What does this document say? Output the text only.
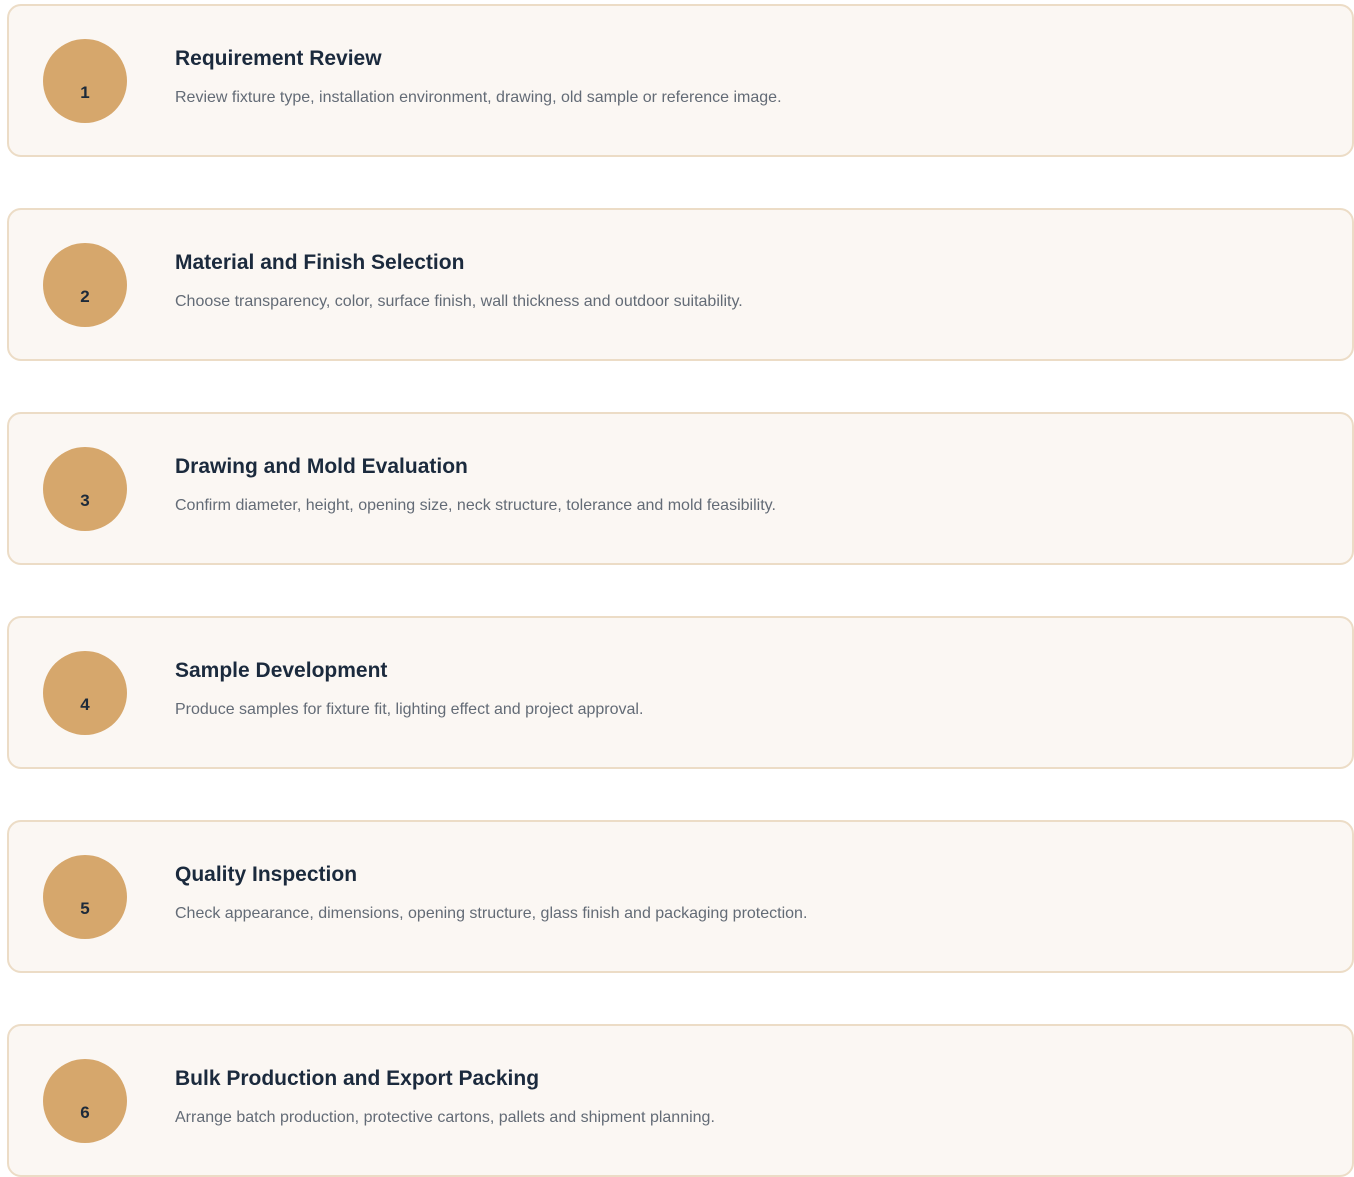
1
Requirement Review

Review fixture type, installation environment, drawing, old sample or reference image.

2
Material and Finish Selection

Choose transparency, color, surface finish, wall thickness and outdoor suitability.

3
Drawing and Mold Evaluation

Confirm diameter, height, opening size, neck structure, tolerance and mold feasibility.

4
Sample Development

Produce samples for fixture fit, lighting effect and project approval.

5
Quality Inspection

Check appearance, dimensions, opening structure, glass finish and packaging protection.

6
Bulk Production and Export Packing

Arrange batch production, protective cartons, pallets and shipment planning.
